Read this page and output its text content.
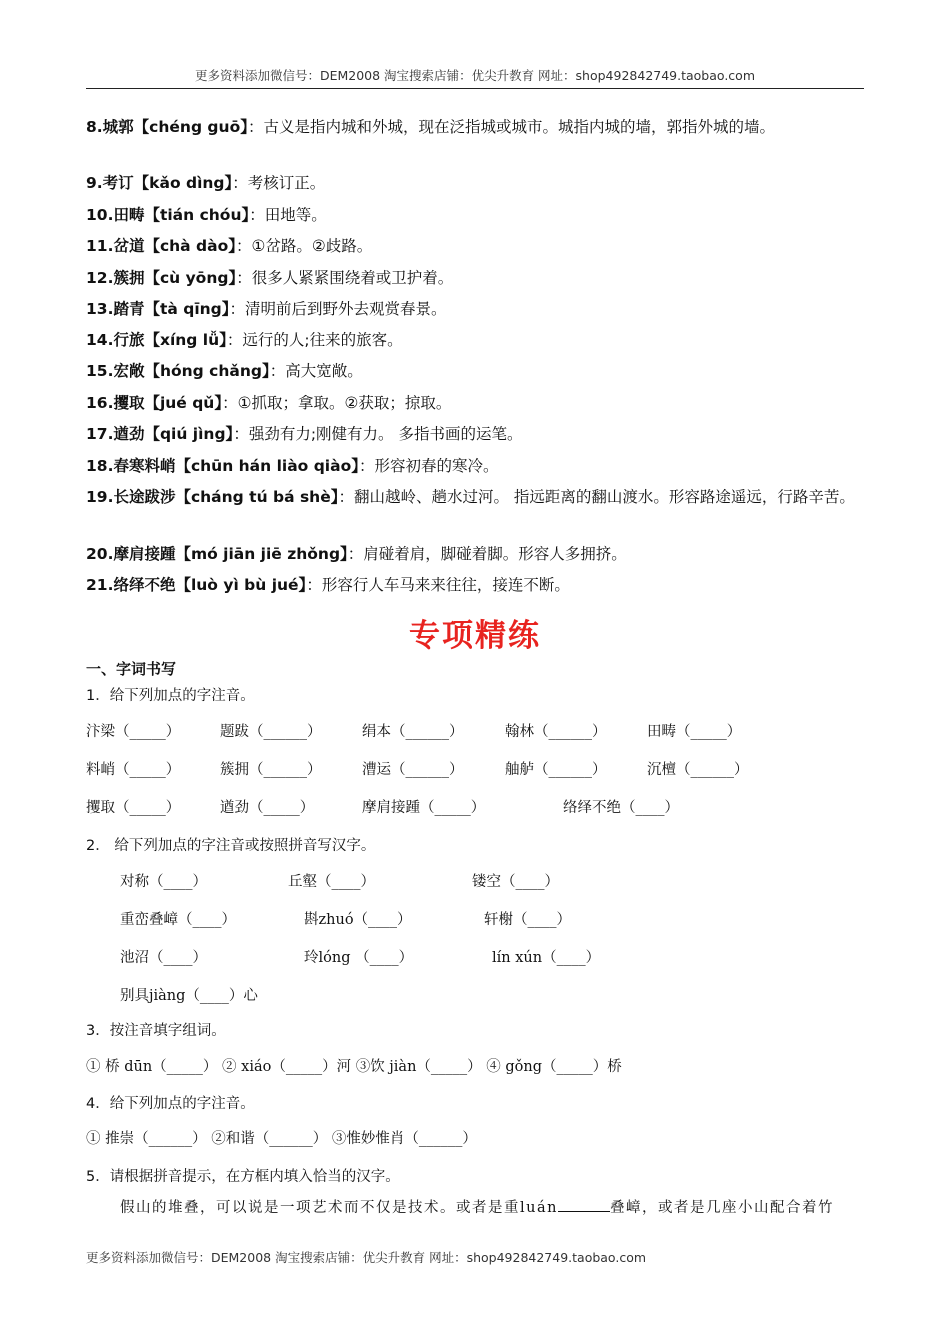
更多资料添加微信号：DEM2008 淘宝搜索店铺：优尖升教育 网址：shop492842749.taobao.com
8.城郭【chéng guō】：古义是指内城和外城，现在泛指城或城市。城指内城的墙，郭指外城的墙。
9.考订【kǎo dìng】：考核订正。
10.田畴【tián chóu】：田地等。
11.岔道【chà dào】：①岔路。②歧路。
12.簇拥【cù yōng】：很多人紧紧围绕着或卫护着。
13.踏青【tà qīng】：清明前后到野外去观赏春景。
14.行旅【xíng lǚ】：远行的人;往来的旅客。
15.宏敞【hóng chǎng】：高大宽敞。
16.攫取【jué qǔ】：①抓取；拿取。②获取；掠取。
17.遒劲【qiú jìng】：强劲有力;刚健有力。 多指书画的运笔。
18.春寒料峭【chūn hán liào qiào】：形容初春的寒冷。
19.长途跋涉【cháng tú bá shè】：翻山越岭、趟水过河。 指远距离的翻山渡水。形容路途遥远，行路辛苦。
20.摩肩接踵【mó jiān jiē zhǒng】：肩碰着肩，脚碰着脚。形容人多拥挤。
21.络绎不绝【luò yì bù jué】：形容行人车马来来往往，接连不断。
专项精练
一、字词书写
1．给下列加点的字注音。
汴梁（_____）	题跋（______）	绢本（______）	翰林（______）	田畴（_____）
料峭（_____）	簇拥（______）	漕运（______）	舳舻（______）	沉檀（______）
攫取（_____）	遒劲（_____）	摩肩接踵（_____）	络绎不绝（____）
2． 给下列加点的字注音或按照拼音写汉字。
对称（____）	丘壑（____）	镂空（____）
重峦叠嶂（____）	斟zhuó（____）	轩榭（____）
池沼（____）	玲lóng （____）	lín xún（____）
别具jiàng（____）心
3．按注音填字组词。
① 桥 dūn（_____） ② xiáo（_____）河 ③饮 jiàn（_____） ④ gǒng（_____）桥
4．给下列加点的字注音。
① 推崇（______） ②和谐（______） ③惟妙惟肖（______）
5．请根据拼音提示，在方框内填入恰当的汉字。
假山的堆叠，可以说是一项艺术而不仅是技术。或者是重luán	叠嶂，或者是几座小山配合着竹
更多资料添加微信号：DEM2008 淘宝搜索店铺：优尖升教育 网址：shop492842749.taobao.com
